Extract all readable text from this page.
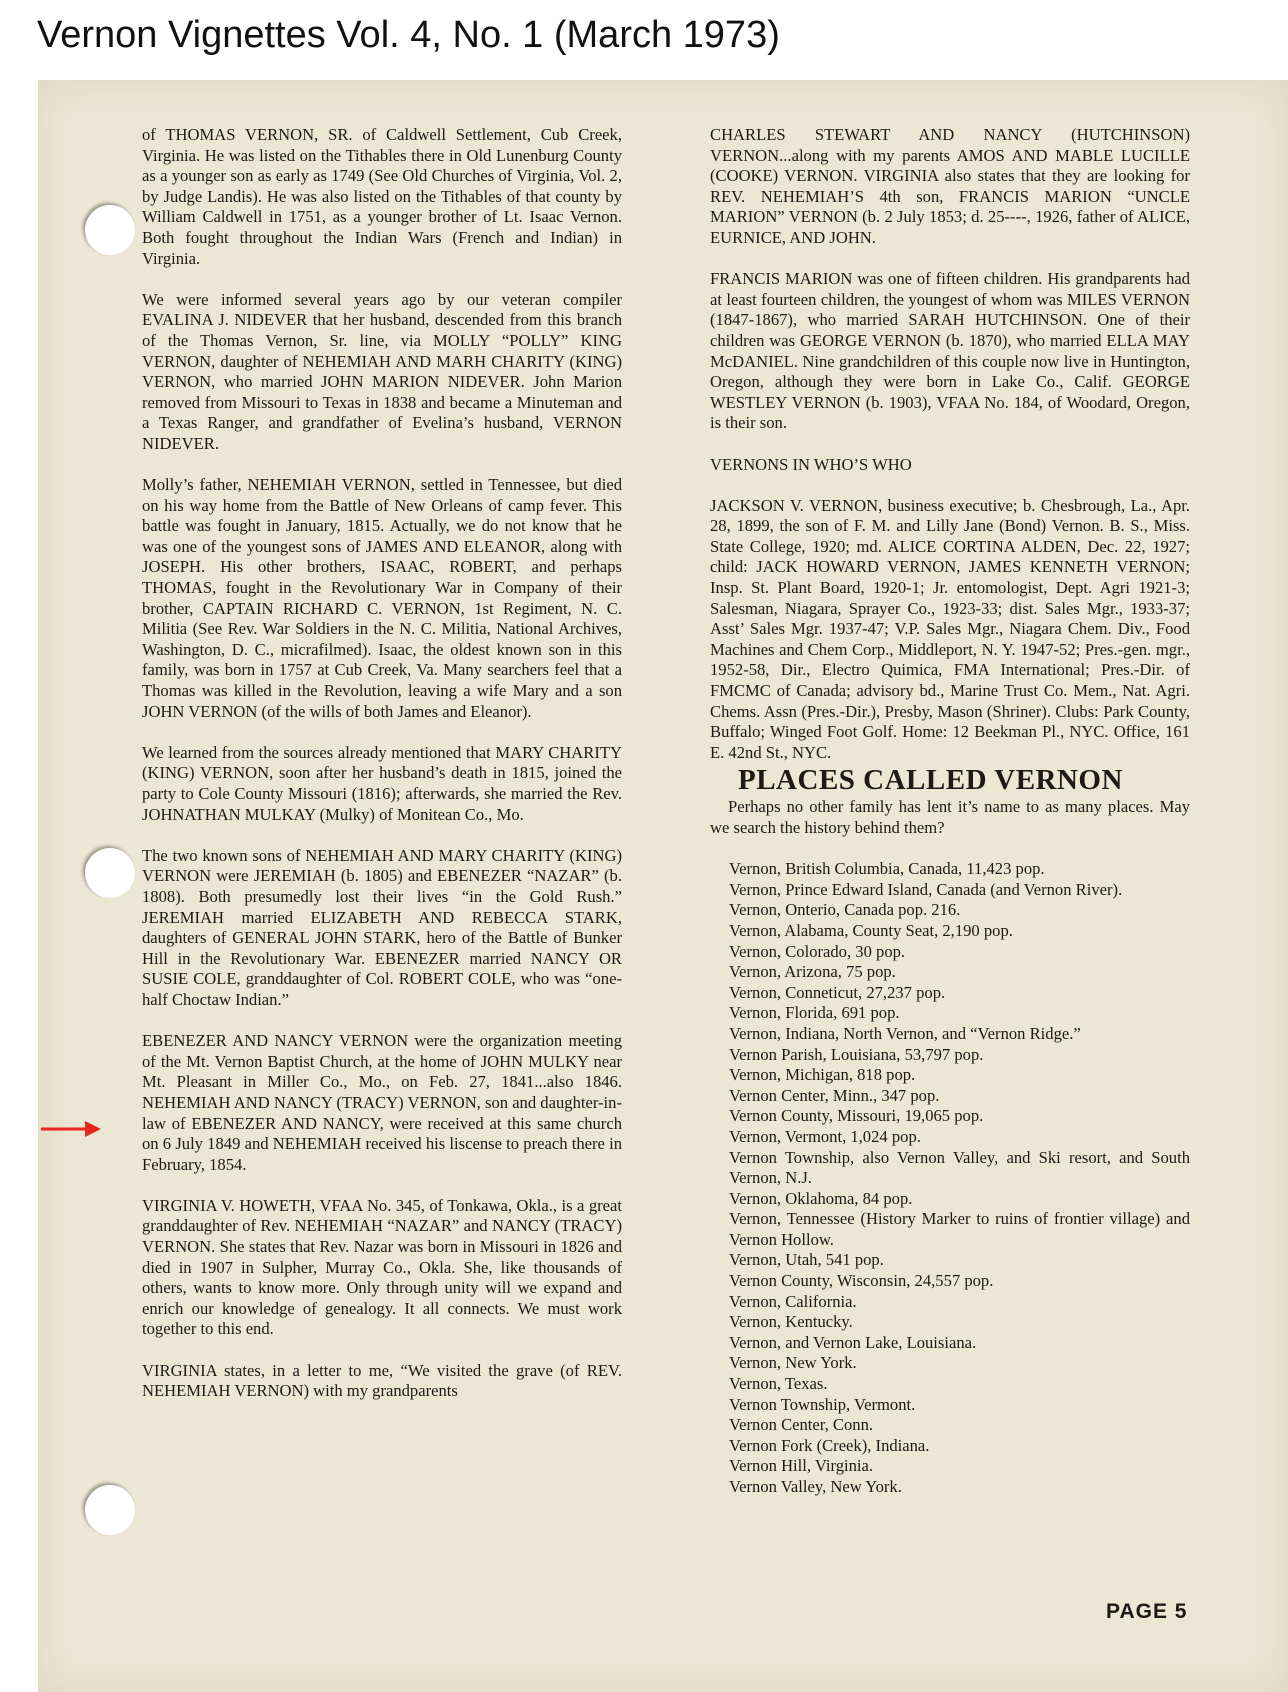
Vernon Vignettes Vol. 4, No. 1 (March 1973)

of THOMAS VERNON, SR. of Caldwell Settlement, Cub Creek, Virginia. He was listed on the Tithables there in Old Lunenburg County as a younger son as early as 1749 (See Old Churches of Virginia, Vol. 2, by Judge Landis). He was also listed on the Tithables of that county by William Caldwell in 1751, as a younger brother of Lt. Isaac Vernon. Both fought throughout the Indian Wars (French and Indian) in Virginia.

We were informed several years ago by our veteran compiler EVALINA J. NIDEVER that her husband, descended from this branch of the Thomas Vernon, Sr. line, via MOLLY “POLLY” KING VERNON, daughter of NEHEMIAH AND MARH CHARITY (KING) VERNON, who married JOHN MARION NIDEVER. John Marion removed from Missouri to Texas in 1838 and became a Minuteman and a Texas Ranger, and grandfather of Evelina’s husband, VERNON NIDEVER.

Molly’s father, NEHEMIAH VERNON, settled in Tennessee, but died on his way home from the Battle of New Orleans of camp fever. This battle was fought in January, 1815. Actually, we do not know that he was one of the youngest sons of JAMES AND ELEANOR, along with JOSEPH. His other brothers, ISAAC, ROBERT, and perhaps THOMAS, fought in the Revolutionary War in Company of their brother, CAPTAIN RICHARD C. VERNON, 1st Regiment, N. C. Militia (See Rev. War Soldiers in the N. C. Militia, National Archives, Washington, D. C., micrafilmed). Isaac, the oldest known son in this family, was born in 1757 at Cub Creek, Va. Many searchers feel that a Thomas was killed in the Revolution, leaving a wife Mary and a son JOHN VERNON (of the wills of both James and Eleanor).

We learned from the sources already mentioned that MARY CHARITY (KING) VERNON, soon after her husband’s death in 1815, joined the party to Cole County Missouri (1816); afterwards, she married the Rev. JOHNATHAN MULKAY (Mulky) of Monitean Co., Mo.

The two known sons of NEHEMIAH AND MARY CHARITY (KING) VERNON were JEREMIAH (b. 1805) and EBENEZER “NAZAR” (b. 1808). Both presumedly lost their lives “in the Gold Rush.” JEREMIAH married ELIZABETH AND REBECCA STARK, daughters of GENERAL JOHN STARK, hero of the Battle of Bunker Hill in the Revolutionary War. EBENEZER married NANCY OR SUSIE COLE, granddaughter of Col. ROBERT COLE, who was “one-half Choctaw Indian.”

EBENEZER AND NANCY VERNON were the organization meeting of the Mt. Vernon Baptist Church, at the home of JOHN MULKY near Mt. Pleasant in Miller Co., Mo., on Feb. 27, 1841...also 1846. NEHEMIAH AND NANCY (TRACY) VERNON, son and daughter-in-law of EBENEZER AND NANCY, were received at this same church on 6 July 1849 and NEHEMIAH received his liscense to preach there in February, 1854.

VIRGINIA V. HOWETH, VFAA No. 345, of Tonkawa, Okla., is a great granddaughter of Rev. NEHEMIAH “NAZAR” and NANCY (TRACY) VERNON. She states that Rev. Nazar was born in Missouri in 1826 and died in 1907 in Sulpher, Murray Co., Okla. She, like thousands of others, wants to know more. Only through unity will we expand and enrich our knowledge of genealogy. It all connects. We must work together to this end.

VIRGINIA states, in a letter to me, “We visited the grave (of REV. NEHEMIAH VERNON) with my grandparents

CHARLES STEWART AND NANCY (HUTCHINSON) VERNON...along with my parents AMOS AND MABLE LUCILLE (COOKE) VERNON. VIRGINIA also states that they are looking for REV. NEHEMIAH’S 4th son, FRANCIS MARION “UNCLE MARION” VERNON (b. 2 July 1853; d. 25----, 1926, father of ALICE, EURNICE, AND JOHN.

FRANCIS MARION was one of fifteen children. His grandparents had at least fourteen children, the youngest of whom was MILES VERNON (1847-1867), who married SARAH HUTCHINSON. One of their children was GEORGE VERNON (b. 1870), who married ELLA MAY McDANIEL. Nine grandchildren of this couple now live in Huntington, Oregon, although they were born in Lake Co., Calif. GEORGE WESTLEY VERNON (b. 1903), VFAA No. 184, of Woodard, Oregon, is their son.

VERNONS IN WHO’S WHO

JACKSON V. VERNON, business executive; b. Chesbrough, La., Apr. 28, 1899, the son of F. M. and Lilly Jane (Bond) Vernon. B. S., Miss. State College, 1920; md. ALICE CORTINA ALDEN, Dec. 22, 1927; child: JACK HOWARD VERNON, JAMES KENNETH VERNON; Insp. St. Plant Board, 1920-1; Jr. entomologist, Dept. Agri 1921-3; Salesman, Niagara, Sprayer Co., 1923-33; dist. Sales Mgr., 1933-37; Asst’ Sales Mgr. 1937-47; V.P. Sales Mgr., Niagara Chem. Div., Food Machines and Chem Corp., Middleport, N. Y. 1947-52; Pres.-gen. mgr., 1952-58, Dir., Electro Quimica, FMA International; Pres.-Dir. of FMCMC of Canada; advisory bd., Marine Trust Co. Mem., Nat. Agri. Chems. Assn (Pres.-Dir.), Presby, Mason (Shriner). Clubs: Park County, Buffalo; Winged Foot Golf. Home: 12 Beekman Pl., NYC. Office, 161 E. 42nd St., NYC.

PLACES CALLED VERNON

Perhaps no other family has lent it’s name to as many places. May we search the history behind them?

Vernon, British Columbia, Canada, 11,423 pop.
Vernon, Prince Edward Island, Canada (and Vernon River).
Vernon, Onterio, Canada pop. 216.
Vernon, Alabama, County Seat, 2,190 pop.
Vernon, Colorado, 30 pop.
Vernon, Arizona, 75 pop.
Vernon, Conneticut, 27,237 pop.
Vernon, Florida, 691 pop.
Vernon, Indiana, North Vernon, and “Vernon Ridge.”
Vernon Parish, Louisiana, 53,797 pop.
Vernon, Michigan, 818 pop.
Vernon Center, Minn., 347 pop.
Vernon County, Missouri, 19,065 pop.
Vernon, Vermont, 1,024 pop.
Vernon Township, also Vernon Valley, and Ski resort, and South Vernon, N.J.
Vernon, Oklahoma, 84 pop.
Vernon, Tennessee (History Marker to ruins of frontier village) and Vernon Hollow.
Vernon, Utah, 541 pop.
Vernon County, Wisconsin, 24,557 pop.
Vernon, California.
Vernon, Kentucky.
Vernon, and Vernon Lake, Louisiana.
Vernon, New York.
Vernon, Texas.
Vernon Township, Vermont.
Vernon Center, Conn.
Vernon Fork (Creek), Indiana.
Vernon Hill, Virginia.
Vernon Valley, New York.
PAGE 5
